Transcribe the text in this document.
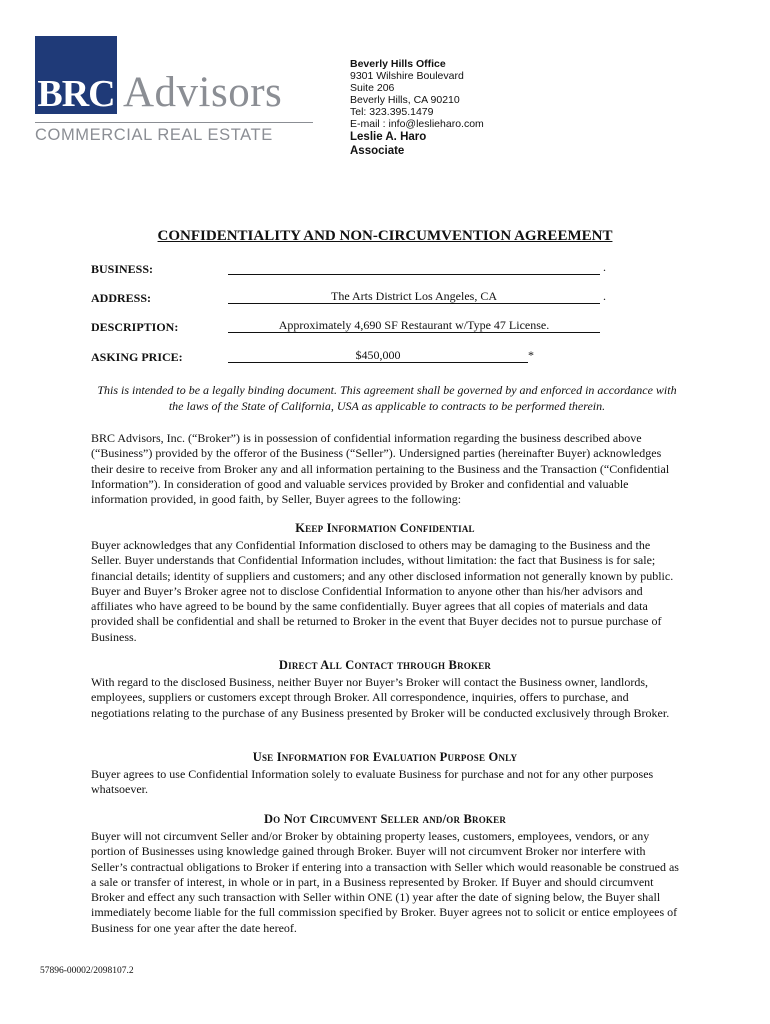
BRC Advisors
COMMERCIAL REAL ESTATE
Beverly Hills Office
9301 Wilshire Boulevard
Suite 206
Beverly Hills, CA 90210
Tel: 323.395.1479
E-mail : info@leslieharo.com
Leslie A. Haro
Associate
CONFIDENTIALITY AND NON-CIRCUMVENTION AGREEMENT
BUSINESS:	.
ADDRESS:	The Arts District Los Angeles, CA	.
DESCRIPTION:	Approximately 4,690 SF Restaurant w/Type 47 License.
ASKING PRICE:	$450,000	*
This is intended to be a legally binding document. This agreement shall be governed by and enforced in accordance with the laws of the State of California, USA as applicable to contracts to be performed therein.
BRC Advisors, Inc. (“Broker”) is in possession of confidential information regarding the business described above (“Business”) provided by the offeror of the Business (“Seller”). Undersigned parties (hereinafter Buyer) acknowledges their desire to receive from Broker any and all information pertaining to the Business and the Transaction (“Confidential Information”). In consideration of good and valuable services provided by Broker and confidential and valuable information provided, in good faith, by Seller, Buyer agrees to the following:
Keep Information Confidential
Buyer acknowledges that any Confidential Information disclosed to others may be damaging to the Business and the Seller. Buyer understands that Confidential Information includes, without limitation: the fact that Business is for sale; financial details; identity of suppliers and customers; and any other disclosed information not generally known by public. Buyer and Buyer’s Broker agree not to disclose Confidential Information to anyone other than his/her advisors and affiliates who have agreed to be bound by the same confidentially. Buyer agrees that all copies of materials and data provided shall be confidential and shall be returned to Broker in the event that Buyer decides not to pursue purchase of Business.
Direct All Contact through Broker
With regard to the disclosed Business, neither Buyer nor Buyer’s Broker will contact the Business owner, landlords, employees, suppliers or customers except through Broker. All correspondence, inquiries, offers to purchase, and negotiations relating to the purchase of any Business presented by Broker will be conducted exclusively through Broker.
Use Information for Evaluation Purpose Only
Buyer agrees to use Confidential Information solely to evaluate Business for purchase and not for any other purposes whatsoever.
Do Not Circumvent Seller and/or Broker
Buyer will not circumvent Seller and/or Broker by obtaining property leases, customers, employees, vendors, or any portion of Businesses using knowledge gained through Broker. Buyer will not circumvent Broker nor interfere with Seller’s contractual obligations to Broker if entering into a transaction with Seller which would reasonable be construed as a sale or transfer of interest, in whole or in part, in a Business represented by Broker. If Buyer and should circumvent Broker and effect any such transaction with Seller within ONE (1) year after the date of signing below, the Buyer shall immediately become liable for the full commission specified by Broker. Buyer agrees not to solicit or entice employees of Business for one year after the date hereof.
57896-00002/2098107.2
